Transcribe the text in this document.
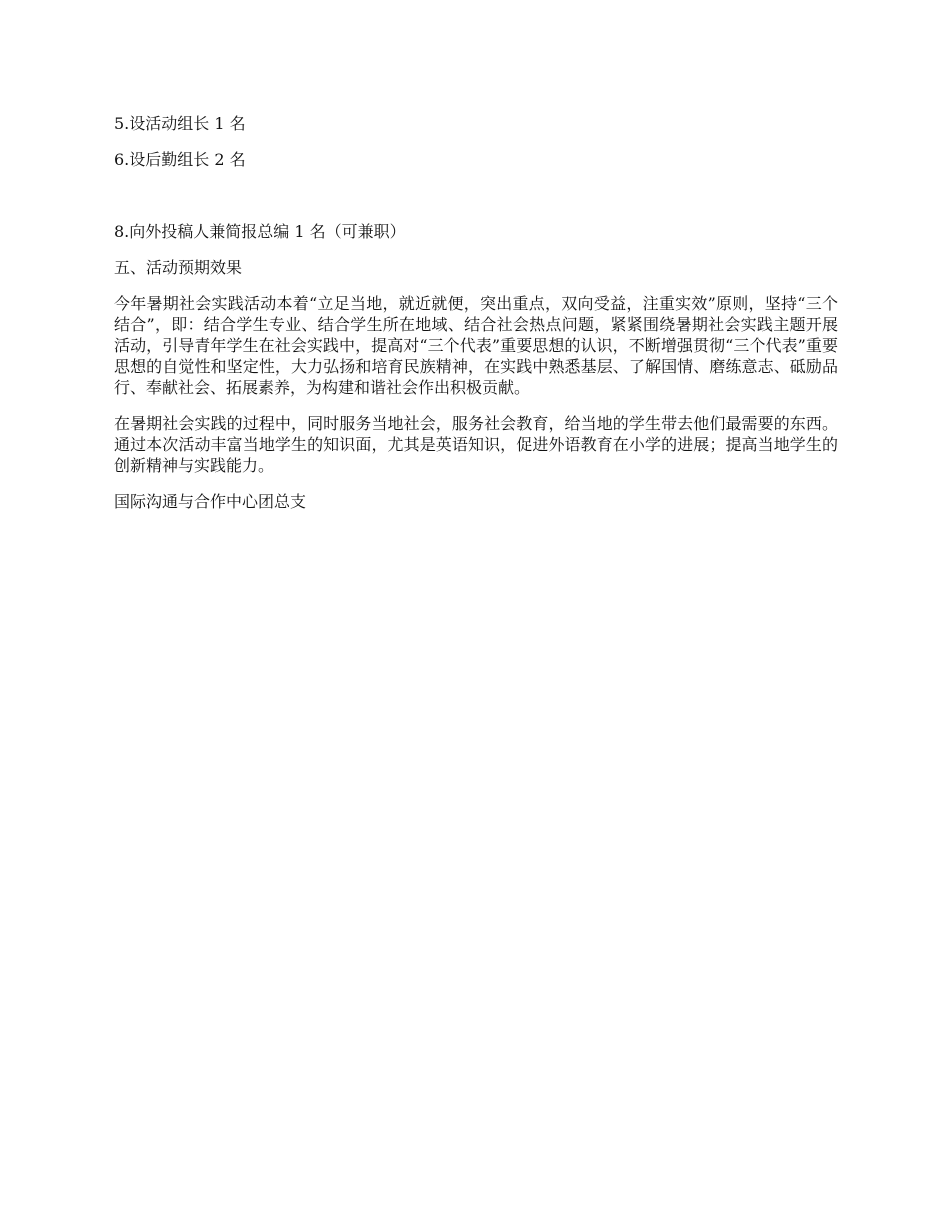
5.设活动组长 1 名

6.设后勤组长 2 名

8.向外投稿人兼简报总编 1 名（可兼职）

五、活动预期效果

今年暑期社会实践活动本着“立足当地，就近就便，突出重点，双向受益，注重实效”原则，坚持“三个结合”，即：结合学生专业、结合学生所在地域、结合社会热点问题，紧紧围绕暑期社会实践主题开展活动，引导青年学生在社会实践中，提高对“三个代表”重要思想的认识，不断增强贯彻“三个代表”重要思想的自觉性和坚定性，大力弘扬和培育民族精神，在实践中熟悉基层、了解国情、磨练意志、砥励品行、奉献社会、拓展素养，为构建和谐社会作出积极贡献。

在暑期社会实践的过程中，同时服务当地社会，服务社会教育，给当地的学生带去他们最需要的东西。通过本次活动丰富当地学生的知识面，尤其是英语知识，促进外语教育在小学的进展；提高当地学生的创新精神与实践能力。

国际沟通与合作中心团总支
